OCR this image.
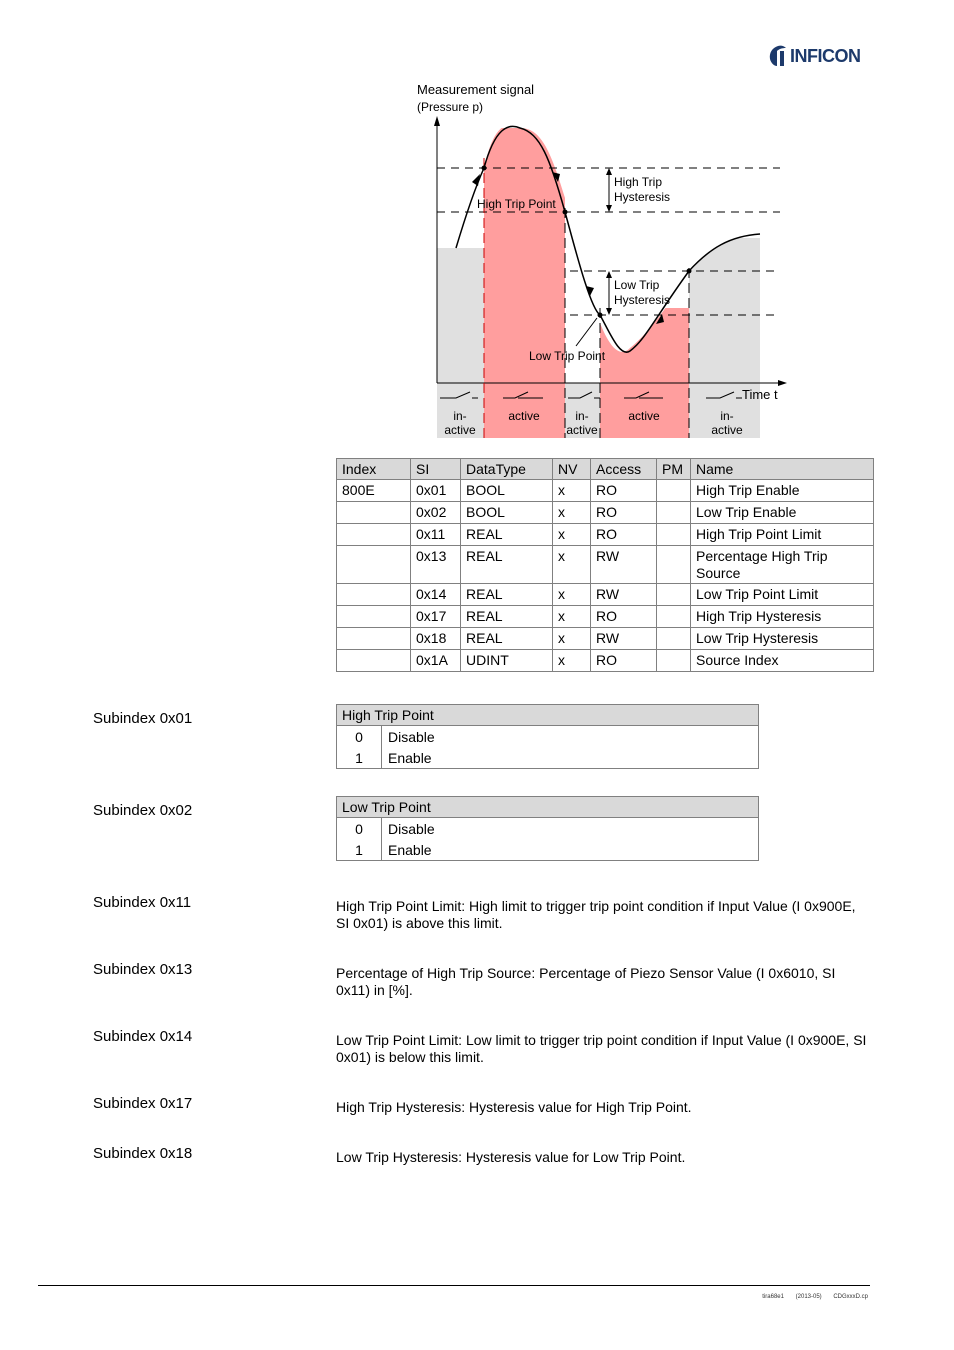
INFICON
Measurement signal
(Pressure p)
Time t
High Trip Point
High Trip
Hysteresis
Low Trip
Hysteresis
Low Trip Point
in-
active
active	in-
active
active	in-
active
Index	SI	DataType	NV	Access	PM	Name
800E	0x01	BOOL	x	RO		High Trip Enable
	0x02	BOOL	x	RO		Low Trip Enable
	0x11	REAL	x	RO		High Trip Point Limit
	0x13	REAL	x	RW		Percentage High Trip Source
	0x14	REAL	x	RW		Low Trip Point Limit
	0x17	REAL	x	RO		High Trip Hysteresis
	0x18	REAL	x	RW		Low Trip Hysteresis
	0x1A	UDINT	x	RO		Source Index
Subindex 0x01	High Trip Point	
0	Disable
1	Enable
Subindex 0x02	Low Trip Point	
0	Disable
1	Enable
Subindex 0x11	High Trip Point Limit: High limit to trigger trip point condition if Input Value (I 0x900E, SI 0x01) is above this limit.
Subindex 0x13	Percentage of High Trip Source: Percentage of Piezo Sensor Value (I 0x6010, SI 0x11) in [%].
Subindex 0x14	Low Trip Point Limit: Low limit to trigger trip point condition if Input Value (I 0x900E, SI 0x01) is below this limit.
Subindex 0x17	High Trip Hysteresis: Hysteresis value for High Trip Point.
Subindex 0x18	Low Trip Hysteresis: Hysteresis value for Low Trip Point.
tira68e1 (2013-05) CDGxxxD.cp
